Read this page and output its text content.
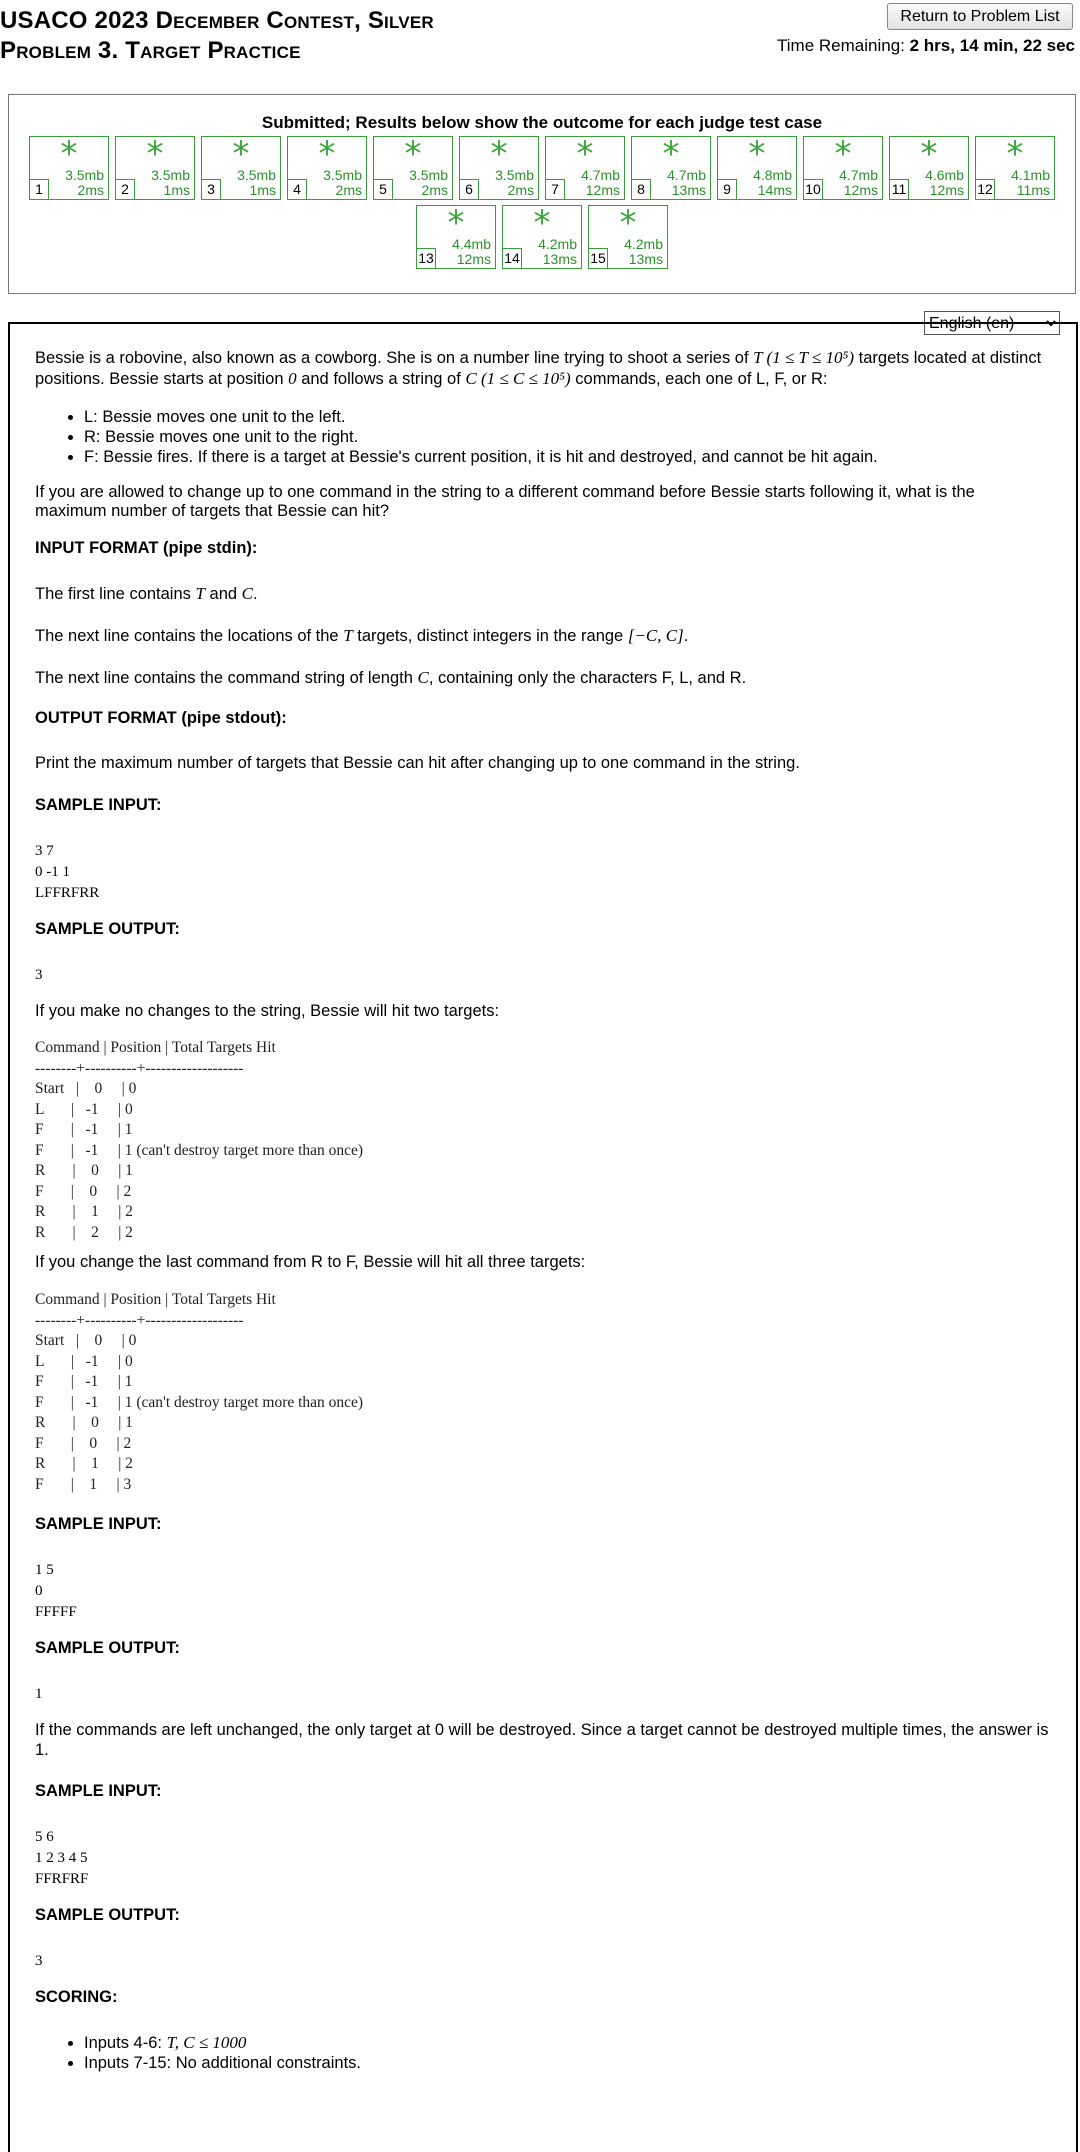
USACO 2023 December Contest, Silver
Problem 3. Target Practice
Return to Problem List
Time Remaining: 2 hrs, 14 min, 22 sec
Submitted; Results below show the outcome for each judge test case
*
3.5mb
1	2ms
*
3.5mb
2	1ms
*
3.5mb
3	1ms
*
3.5mb
4	2ms
*
3.5mb
5	2ms
*
3.5mb
6	2ms
*
4.7mb
7	12ms
*
4.7mb
8	13ms
*
4.8mb
9	14ms
*
4.7mb
10 12ms
*
4.6mb
11 12ms
*
4.1mb
12 11ms
*
4.4mb
13 12ms
*
4.2mb
14 13ms
*
4.2mb
15 13ms
English (en)

Bessie is a robovine, also known as a cowborg. She is on a number line trying to shoot a series of T (1 ≤ T ≤ 10⁵) targets located at distinct positions. Bessie starts at position 0 and follows a string of C (1 ≤ C ≤ 10⁵) commands, each one of L, F, or R:

• L: Bessie moves one unit to the left.
• R: Bessie moves one unit to the right.
• F: Bessie fires. If there is a target at Bessie's current position, it is hit and destroyed, and cannot be hit again.

If you are allowed to change up to one command in the string to a different command before Bessie starts following it, what is the maximum number of targets that Bessie can hit?

INPUT FORMAT (pipe stdin):

The first line contains T and C.

The next line contains the locations of the T targets, distinct integers in the range [−C, C].

The next line contains the command string of length C, containing only the characters F, L, and R.

OUTPUT FORMAT (pipe stdout):

Print the maximum number of targets that Bessie can hit after changing up to one command in the string.

SAMPLE INPUT:

3 7
0 -1 1
LFFRFRR

SAMPLE OUTPUT:

3

If you make no changes to the string, Bessie will hit two targets:

Command | Position | Total Targets Hit
--------+----------+-------------------
Start   |    0     | 0
L       |   -1     | 0
F       |   -1     | 1
F       |   -1     | 1 (can't destroy target more than once)
R       |    0     | 1
F       |    0     | 2
R       |    1     | 2
R       |    2     | 2

If you change the last command from R to F, Bessie will hit all three targets:

Command | Position | Total Targets Hit
--------+----------+-------------------
Start   |    0     | 0
L       |   -1     | 0
F       |   -1     | 1
F       |   -1     | 1 (can't destroy target more than once)
R       |    0     | 1
F       |    0     | 2
R       |    1     | 2
F       |    1     | 3

SAMPLE INPUT:

1 5
0
FFFFF

SAMPLE OUTPUT:

1

If the commands are left unchanged, the only target at 0 will be destroyed. Since a target cannot be destroyed multiple times, the answer is 1.

SAMPLE INPUT:

5 6
1 2 3 4 5
FFRFRF

SAMPLE OUTPUT:

3

SCORING:

• Inputs 4-6: T, C ≤ 1000
• Inputs 7-15: No additional constraints.
